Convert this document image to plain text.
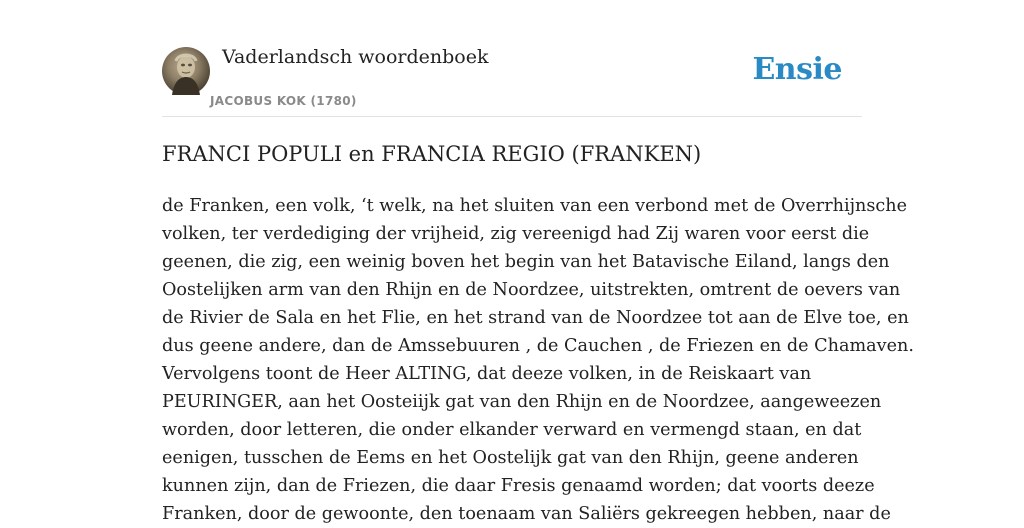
Vaderlandsch woordenboek
JACOBUS KOK (1780)
Ensie
FRANCI POPULI en FRANCIA REGIO (FRANKEN)
de Franken, een volk, ‘t welk, na het sluiten van een verbond met de Overrhijnsche
volken, ter verdediging der vrijheid, zig vereenigd had Zij waren voor eerst die
geenen, die zig, een weinig boven het begin van het Batavische Eiland, langs den
Oostelijken arm van den Rhijn en de Noordzee, uitstrekten, omtrent de oevers van
de Rivier de Sala en het Flie, en het strand van de Noordzee tot aan de Elve toe, en
dus geene andere, dan de Amssebuuren , de Cauchen , de Friezen en de Chamaven.
Vervolgens toont de Heer ALTING, dat deeze volken, in de Reiskaart van
PEURINGER, aan het Oosteiijk gat van den Rhijn en de Noordzee, aangeweezen
worden, door letteren, die onder elkander verward en vermengd staan, en dat
eenigen, tusschen de Eems en het Oostelijk gat van den Rhijn, geene anderen
kunnen zijn, dan de Friezen, die daar Fresis genaamd worden; dat voorts deeze
Franken, door de gewoonte, den toenaam van Saliërs gekreegen hebben, naar de
